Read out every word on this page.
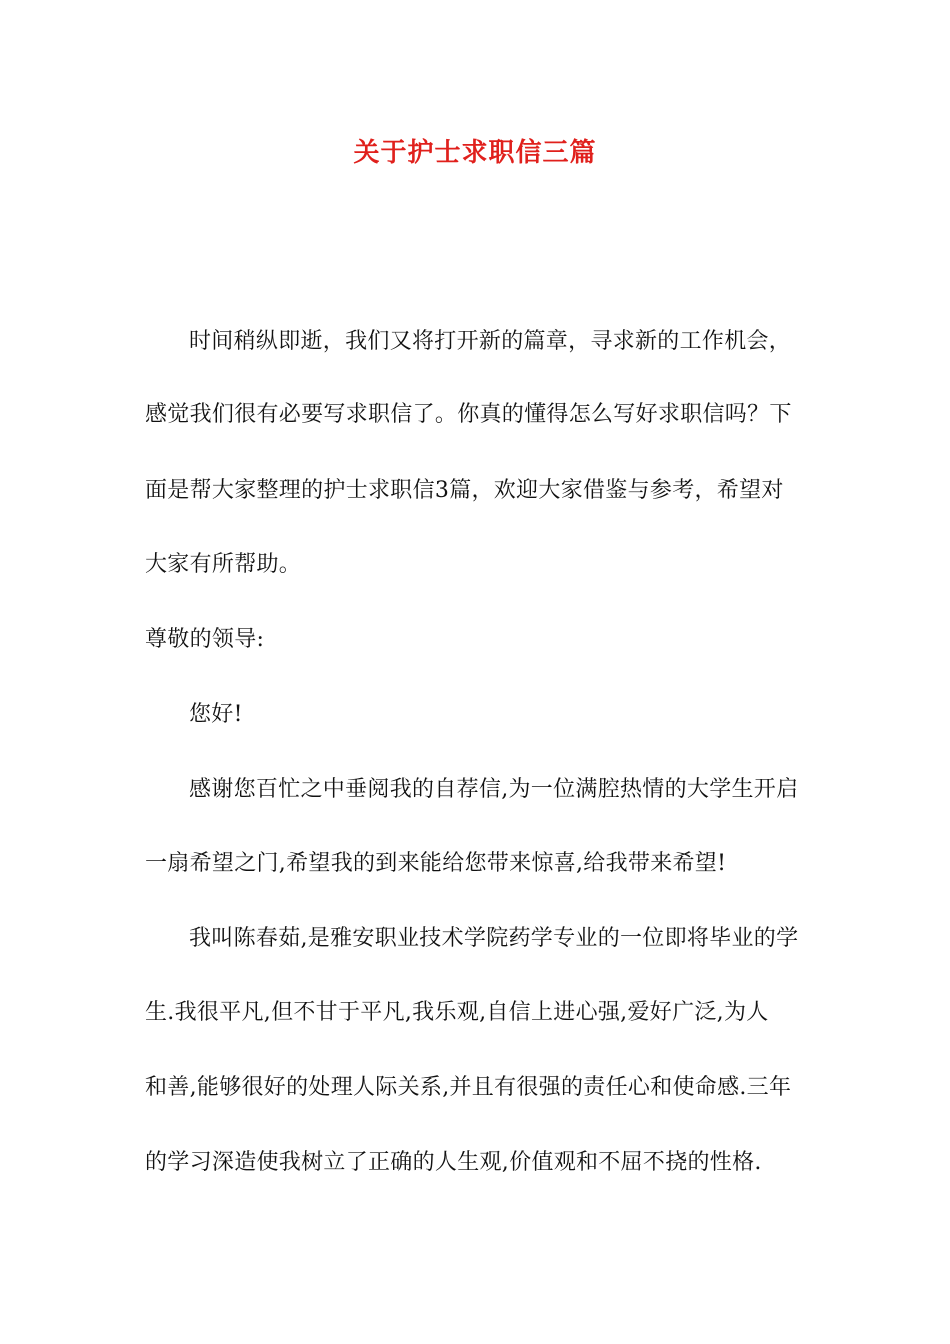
关于护士求职信三篇
时间稍纵即逝，我们又将打开新的篇章，寻求新的工作机会，
感觉我们很有必要写求职信了。你真的懂得怎么写好求职信吗？下
面是帮大家整理的护士求职信3篇，欢迎大家借鉴与参考，希望对
大家有所帮助。
尊敬的领导:
您好!
感谢您百忙之中垂阅我的自荐信,为一位满腔热情的大学生开启
一扇希望之门,希望我的到来能给您带来惊喜,给我带来希望!
我叫陈春茹,是雅安职业技术学院药学专业的一位即将毕业的学
生.我很平凡,但不甘于平凡,我乐观,自信上进心强,爱好广泛,为人
和善,能够很好的处理人际关系,并且有很强的责任心和使命感.三年
的学习深造使我树立了正确的人生观,价值观和不屈不挠的性格.
